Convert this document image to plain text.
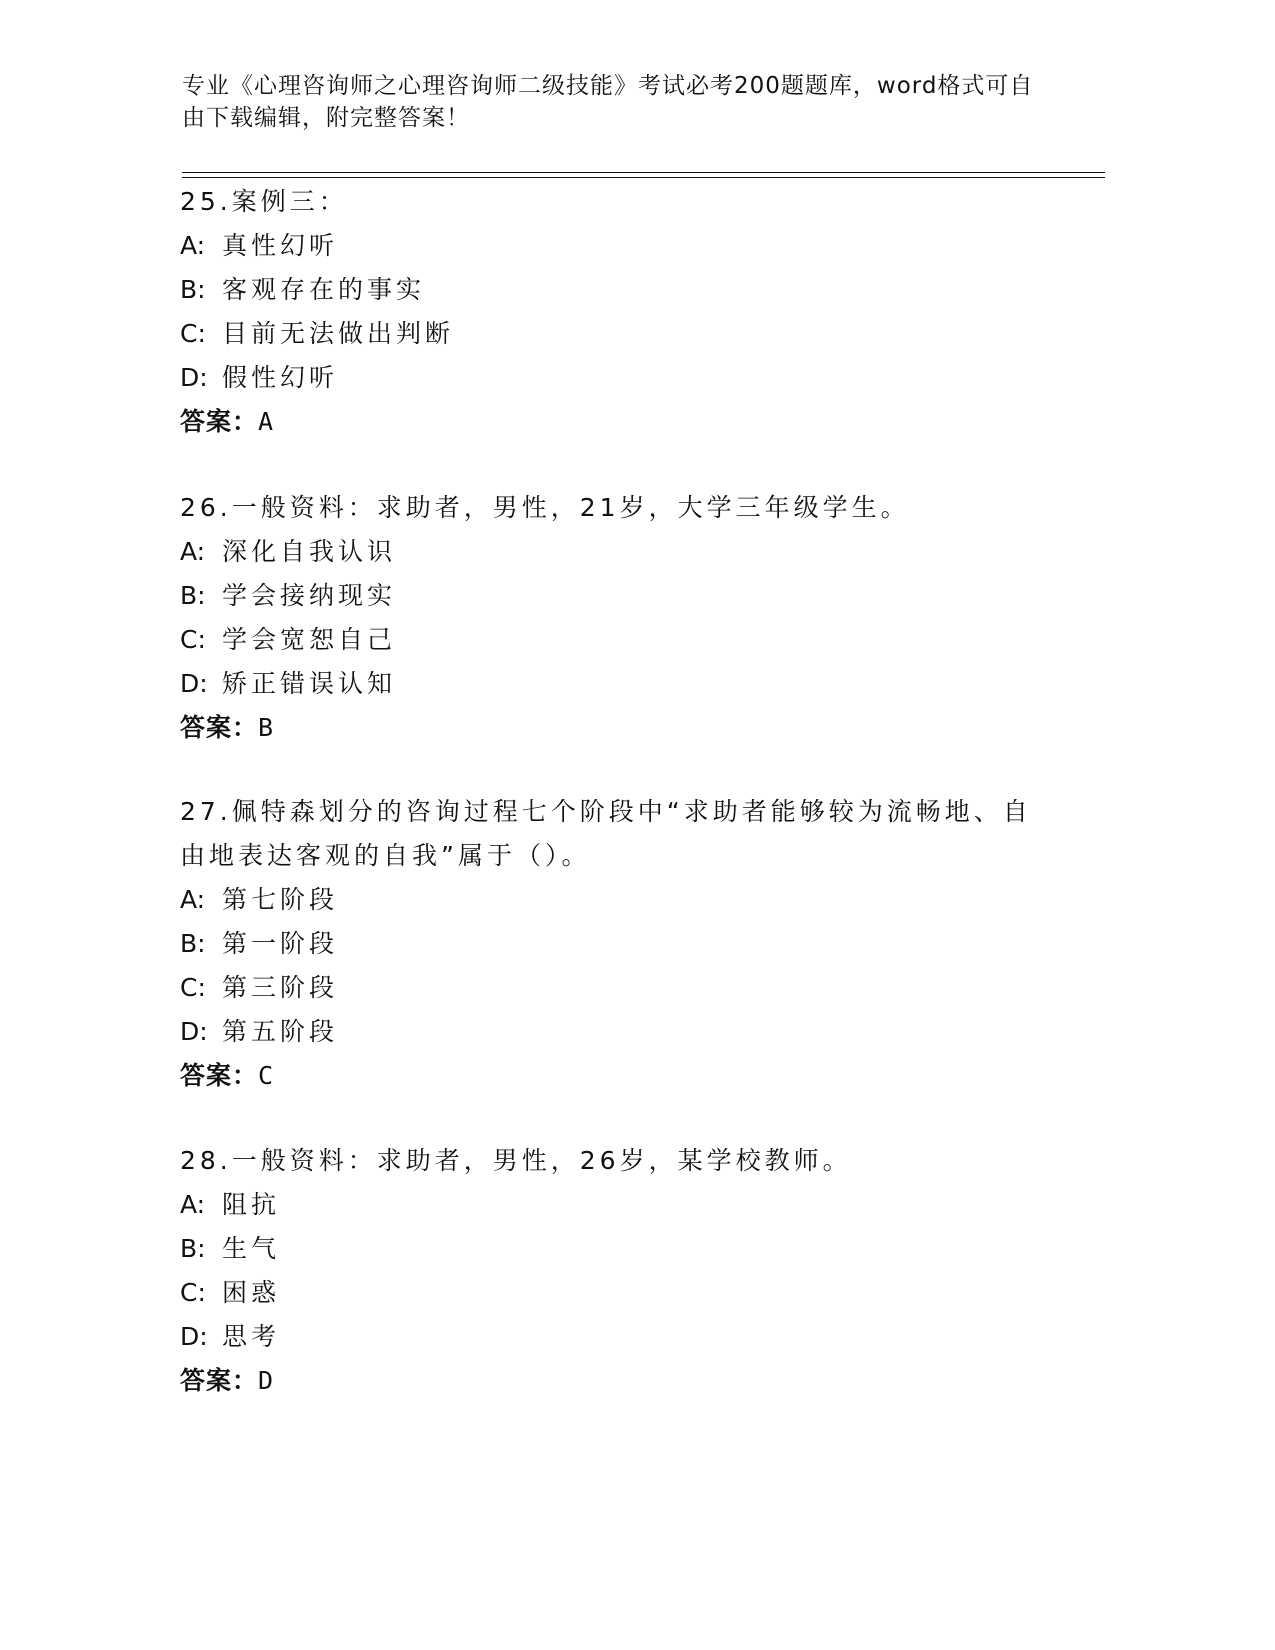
专业《心理咨询师之心理咨询师二级技能》考试必考200题题库，word格式可自
由下载编辑，附完整答案！
25.案例三：
A: 真性幻听
B: 客观存在的事实
C: 目前无法做出判断
D: 假性幻听
答案：A
26.一般资料：求助者，男性，21岁，大学三年级学生。
A: 深化自我认识
B: 学会接纳现实
C: 学会宽恕自己
D: 矫正错误认知
答案：B
27.佩特森划分的咨询过程七个阶段中“求助者能够较为流畅地、自由地表达客观的自我”属于（）。
A: 第七阶段
B: 第一阶段
C: 第三阶段
D: 第五阶段
答案：C
28.一般资料：求助者，男性，26岁，某学校教师。
A: 阻抗
B: 生气
C: 困惑
D: 思考
答案：D
